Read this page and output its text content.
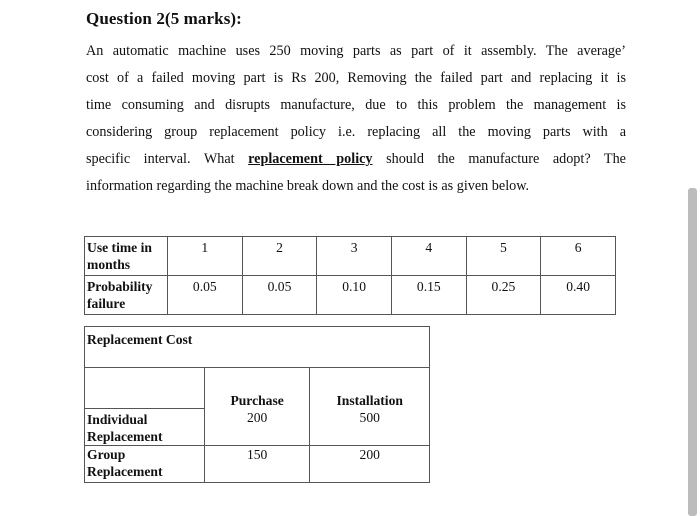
Question 2(5 marks):
An automatic machine uses 250 moving parts as part of it assembly. The average’
cost of a failed moving part is Rs 200, Removing the failed part and replacing it is
time consuming and disrupts manufacture, due to this problem the management is
considering group replacement policy i.e. replacing all the moving parts with a
specific interval. What replacement policy should the manufacture adopt? The
information regarding the machine break down and the cost is as given below.
Use time in months	1	2	3	4	5	6
Probability failure	0.05	0.05	0.10	0.15	0.25	0.40
Replacement Cost		
	Purchase	Installation
Individual Replacement	200	500
Group Replacement	150	200
